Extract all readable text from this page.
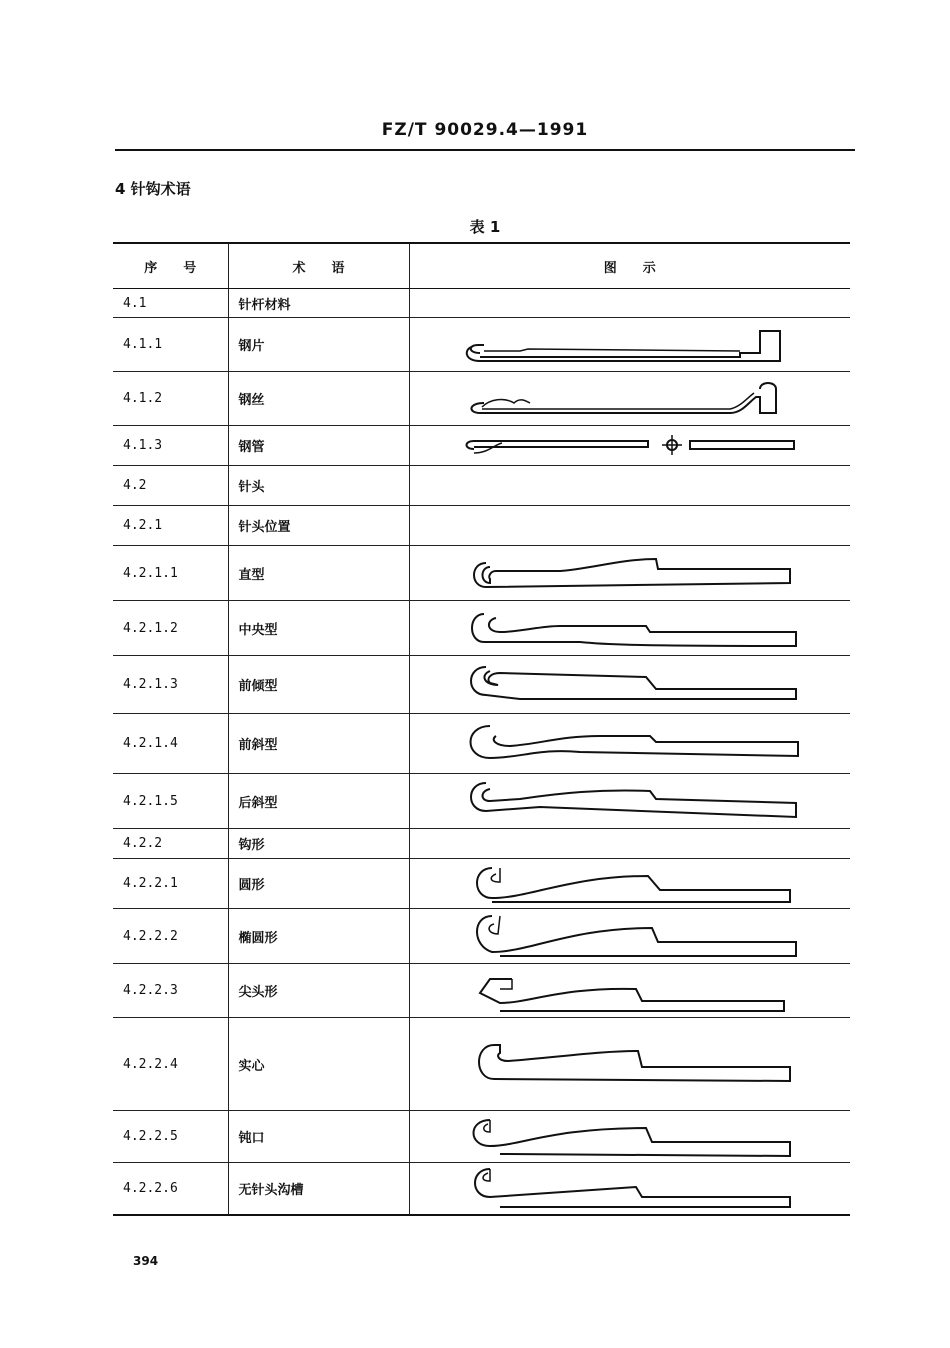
FZ/T 90029.4—1991
4 针钩术语
表 1
序　　号	术　　语	图　　示
4.1	针杆材料	
4.1.1	钢片	

4.1.2	钢丝	

4.1.3	钢管	

4.2	针头	
4.2.1	针头位置	
4.2.1.1	直型	

4.2.1.2	中央型	

4.2.1.3	前倾型	

4.2.1.4	前斜型	

4.2.1.5	后斜型	

4.2.2	钩形	
4.2.2.1	圆形	

4.2.2.2	椭圆形	

4.2.2.3	尖头形	

4.2.2.4	实心	

4.2.2.5	钝口	

4.2.2.6	无针头沟槽	
394
